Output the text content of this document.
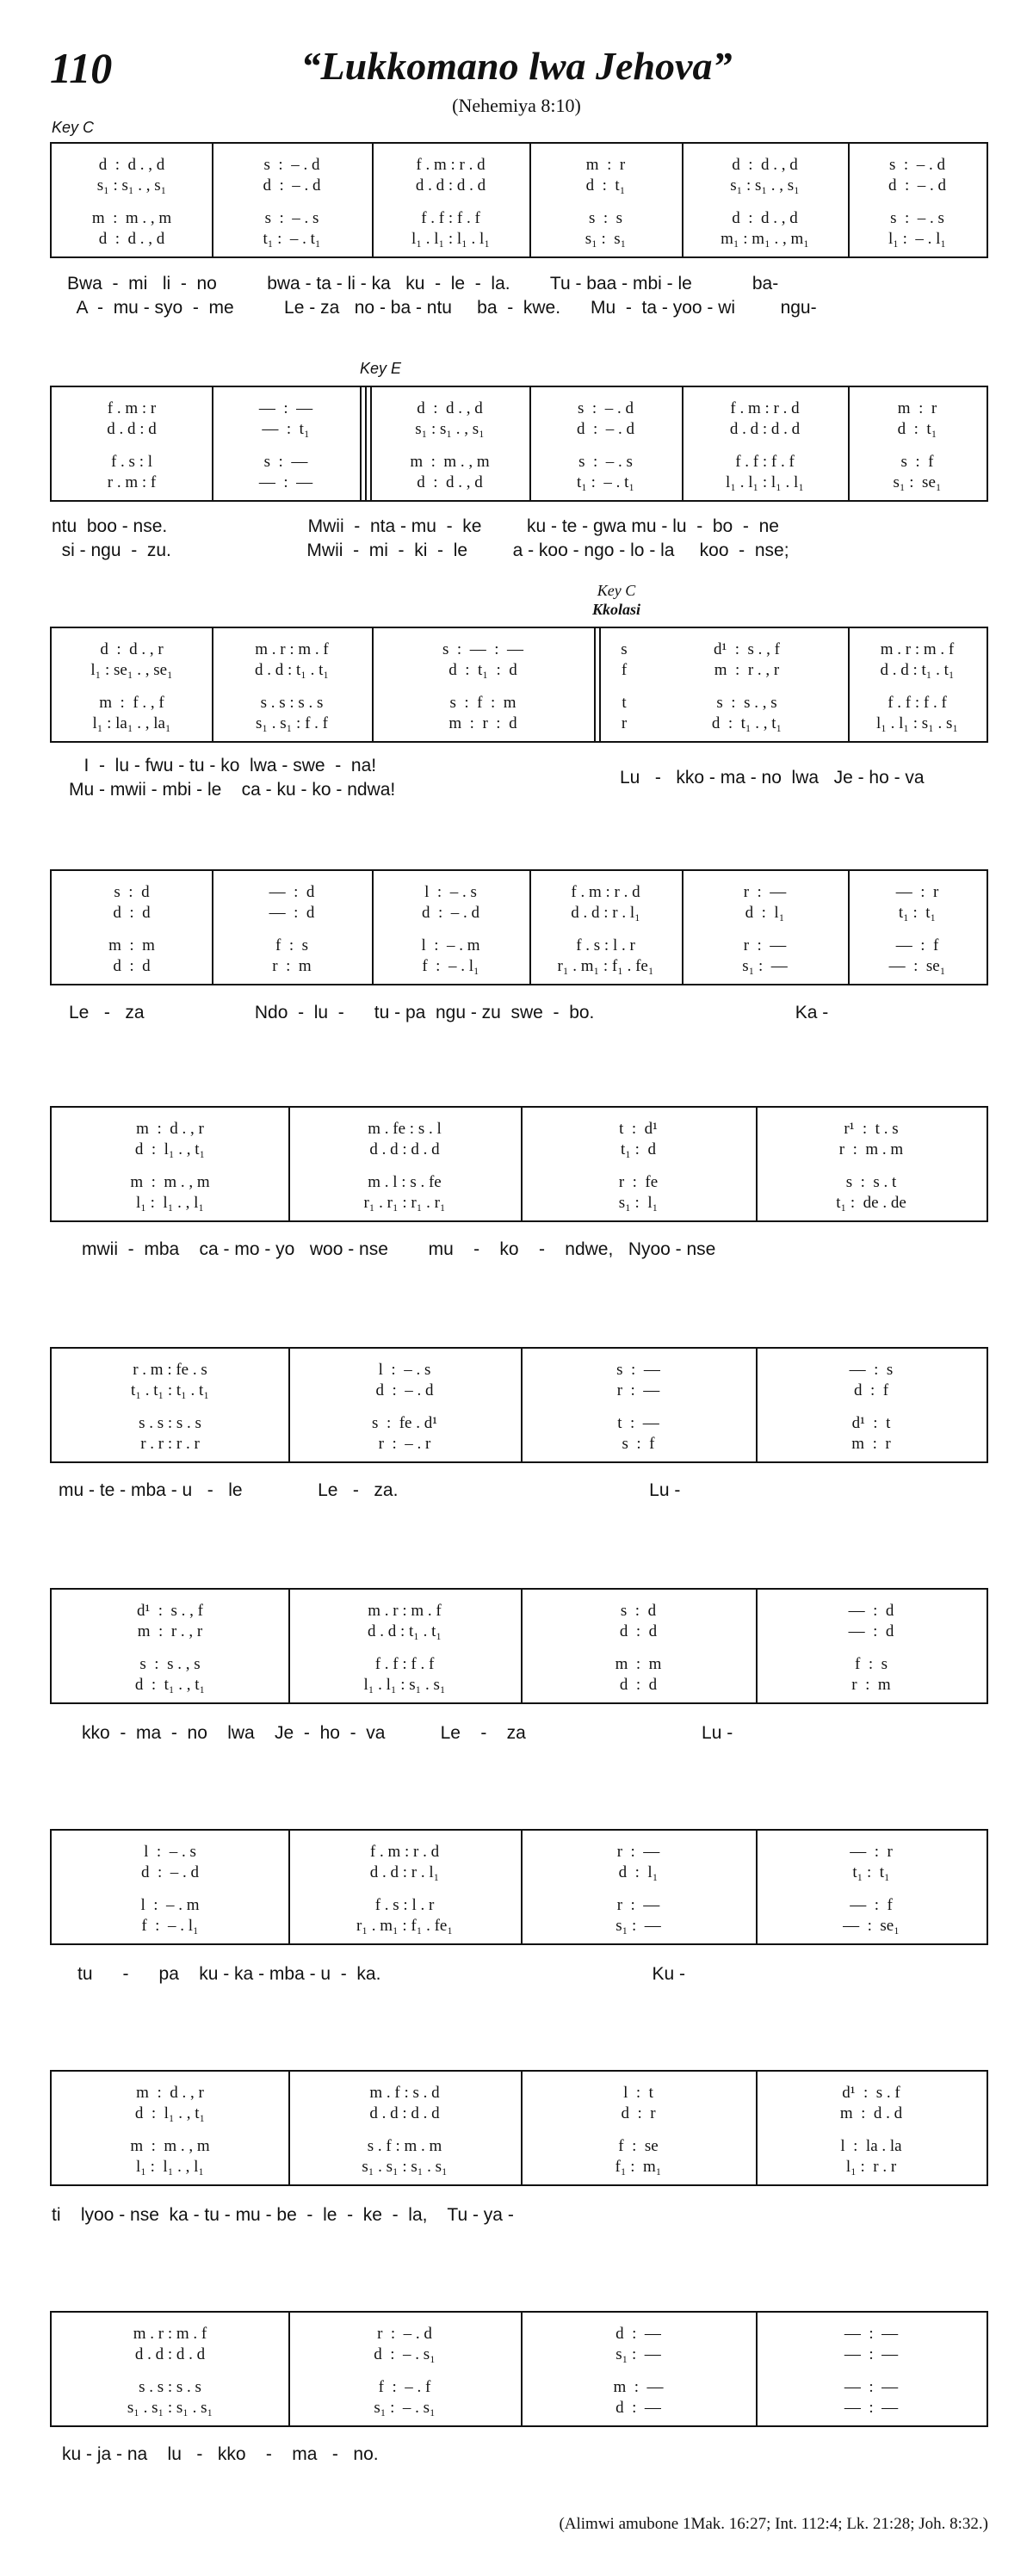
110	“Lukkomano lwa Jehova”
(Nehemiya 8:10)
Key C
Key E
Key C
Kkolasi
d  :  d . , d	s  :  – . d	f . m : r . d	m  :  r	d  :  d . , d	s  :  – . d
s₁ : s₁ . , s₁	d  :  – . d	d . d : d . d	d  :  t₁	s₁ : s₁ . , s₁	d  :  – . d
m  :  m . , m	s  :  – . s	f . f : f . f	s  :  s	d  :  d . , d	s  :  – . s
d  :  d . , d	t₁ :  – . t₁	l₁ . l₁ : l₁ . l₁	s₁ :  s₁	m₁ : m₁ . , m₁	l₁ :  – . l₁
f . m : r	—  :  —	d  :  d . , d	s  :  – . d	f . m : r . d	m  :  r
d . d : d	—  :  t₁	s₁ : s₁ . , s₁	d  :  – . d	d . d : d . d	d  :  t₁
f . s : l	s  :  —	m  :  m . , m	s  :  – . s	f . f : f . f	s  :  f
r . m : f	—  :  —	d  :  d . , d	t₁ :  – . t₁	l₁ . l₁ : l₁ . l₁	s₁ :  se₁
d  :  d . , r	m . r : m . f	s  :  —  :  —	s	d¹  :  s . , f	m . r : m . f
l₁ : se₁ . , se₁	d . d : t₁ . t₁	d  :  t₁  :  d	f	m  :  r . , r	d . d : t₁ . t₁
m  :  f . , f	s . s : s . s	s  :  f  :  m	t	s  :  s . , s	f . f : f . f
l₁ : la₁ . , la₁	s₁ . s₁ : f . f	m  :  r  :  d	r	d  :  t₁ . , t₁	l₁ . l₁ : s₁ . s₁
s  :  d	—  :  d	l  :  – . s	f . m : r . d	r  :  —	—  :  r
d  :  d	—  :  d	d  :  – . d	d . d : r . l₁	d  :  l₁	t₁ :  t₁
m  :  m	f  :  s	l  :  – . m	f . s : l . r	r  :  —	—  :  f
d  :  d	r  :  m	f  :  – . l₁	r₁ . m₁ : f₁ . fe₁	s₁ :  —	—  :  se₁
m  :  d . , r	m . fe : s . l	t  :  d¹	r¹  :  t . s
d  :  l₁ . , t₁	d . d : d . d	t₁ :  d	r  :  m . m
m  :  m . , m	m . l : s . fe	r  :  fe	s  :  s . t
l₁ :  l₁ . , l₁	r₁ . r₁ : r₁ . r₁	s₁ :  l₁	t₁ :  de . de
r . m : fe . s	l  :  – . s	s  :  —	—  :  s
t₁ . t₁ : t₁ . t₁	d  :  – . d	r  :  —	d  :  f
s . s : s . s	s  :  fe . d¹	t  :  —	d¹  :  t
r . r : r . r	r  :  – . r	s  :  f	m  :  r
d¹  :  s . , f	m . r : m . f	s  :  d	—  :  d
m  :  r . , r	d . d : t₁ . t₁	d  :  d	—  :  d
s  :  s . , s	f . f : f . f	m  :  m	f  :  s
d  :  t₁ . , t₁	l₁ . l₁ : s₁ . s₁	d  :  d	r  :  m
l  :  – . s	f . m : r . d	r  :  —	—  :  r
d  :  – . d	d . d : r . l₁	d  :  l₁	t₁ :  t₁
l  :  – . m	f . s : l . r	r  :  —	—  :  f
f  :  – . l₁	r₁ . m₁ : f₁ . fe₁	s₁ :  —	—  :  se₁
m  :  d . , r	m . f : s . d	l  :  t	d¹  :  s . f
d  :  l₁ . , t₁	d . d : d . d	d  :  r	m  :  d . d
m  :  m . , m	s . f : m . m	f  :  se	l  :  la . la
l₁ :  l₁ . , l₁	s₁ . s₁ : s₁ . s₁	f₁ :  m₁	l₁ :  r . r
m . r : m . f	r  :  – . d	d  :  —	—  :  —
d . d : d . d	d  :  – . s₁	s₁ :  —	—  :  —
s . s : s . s	f  :  – . f	m  :  —	—  :  —
s₁ . s₁ : s₁ . s₁	s₁ :  – . s₁	d  :  —	—  :  —
(Alimwi amubone 1Mak. 16:27; Int. 112:4; Lk. 21:28; Joh. 8:32.)
Bwa  -  mi   li  -  no          bwa - ta - li - ka   ku  -  le  -  la.        Tu - baa - mbi - le            ba-
A  -  mu - syo  -  me          Le - za   no - ba - ntu     ba  -  kwe.      Mu  -  ta - yoo - wi         ngu-
ntu  boo - nse.                            Mwii  -  nta - mu  -  ke         ku - te - gwa mu - lu  -  bo  -  ne
si - ngu  -  zu.                           Mwii  -  mi  -  ki  -  le         a - koo - ngo - lo - la     koo  -  nse;
I  -  lu - fwu - tu - ko  lwa - swe  -  na!
Mu - mwii - mbi - le    ca - ku - ko - ndwa!
Lu   -   kko - ma - no  lwa   Je - ho - va
Le   -   za                      Ndo  -  lu  -      tu - pa  ngu - zu  swe  -  bo.                                        Ka -
mwii  -  mba    ca - mo - yo   woo - nse        mu    -    ko    -    ndwe,   Nyoo - nse
mu - te - mba - u   -   le               Le   -   za.                                                  Lu -
kko  -  ma  -  no    lwa    Je  -  ho  -  va           Le    -    za                                   Lu -
tu      -      pa    ku - ka - mba - u  -  ka.                                                      Ku -
ti    lyoo - nse  ka - tu - mu - be  -  le  -  ke  -  la,    Tu - ya -
ku - ja - na    lu   -   kko    -    ma   -   no.
